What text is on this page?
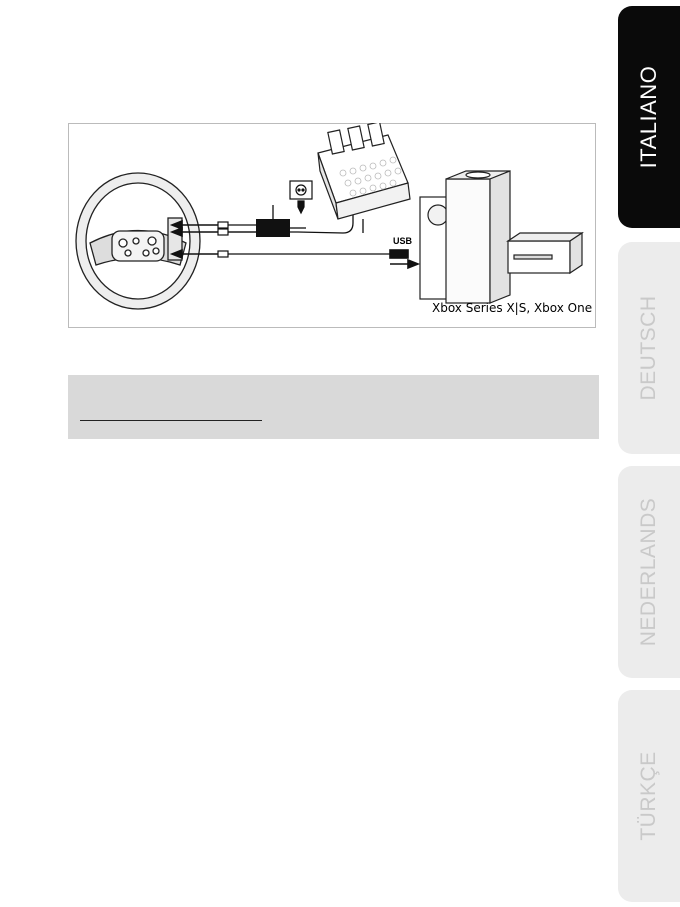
USB
Xbox Series X|S, Xbox One
ITALIANO
DEUTSCH
NEDERLANDS
TÜRKÇE
